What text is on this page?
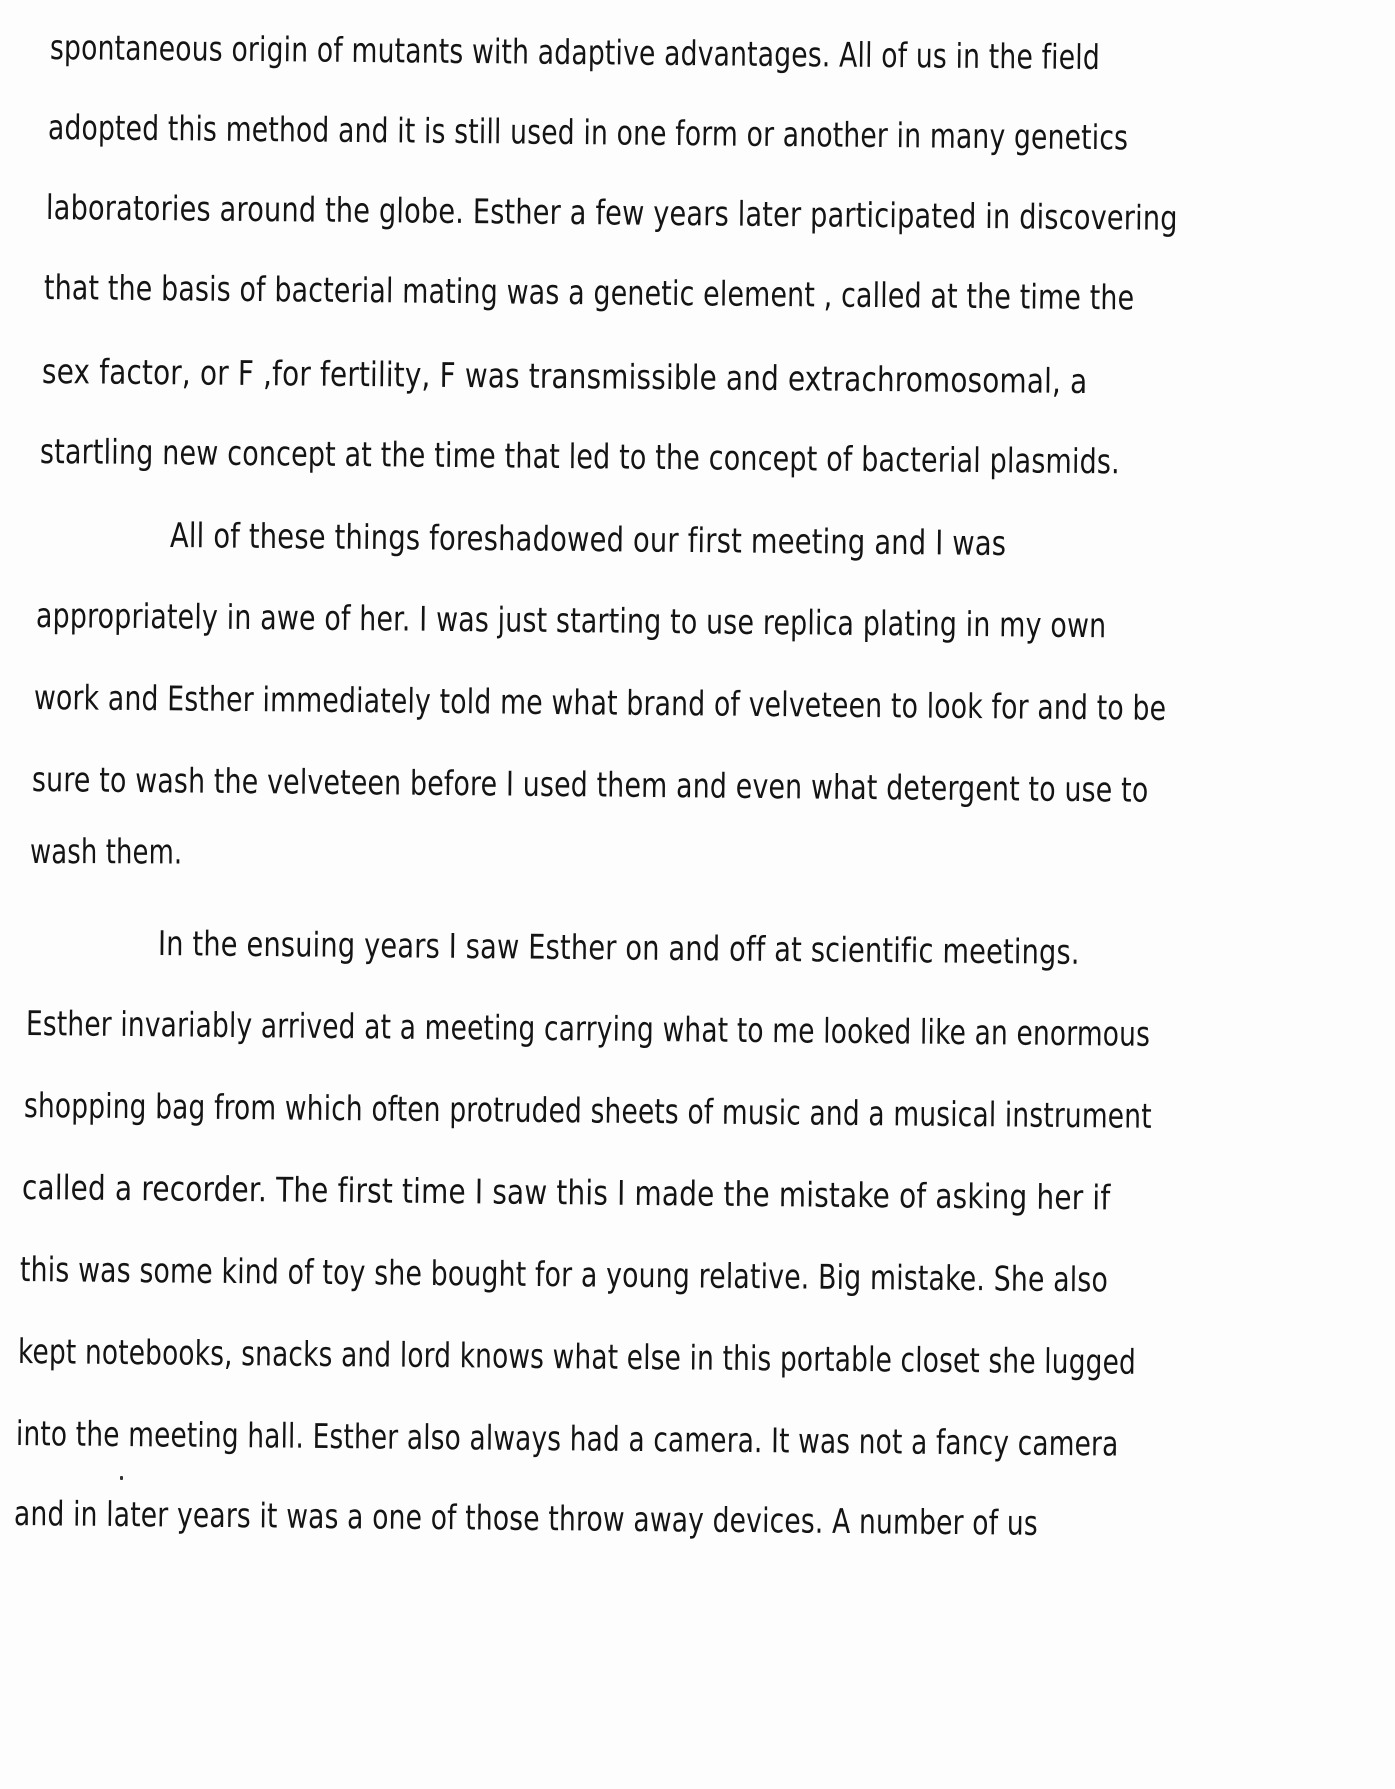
spontaneous origin of mutants with adaptive advantages. All of us in the field
adopted this method and it is still used in one form or another in many genetics
laboratories around the globe. Esther a few years later participated in discovering
that the basis of bacterial mating was a genetic element , called at the time the
sex factor, or F ,for fertility, F was transmissible and extrachromosomal, a
startling new concept at the time that led to the concept of bacterial plasmids.
All of these things foreshadowed our first meeting and I was
appropriately in awe of her. I was just starting to use replica plating in my own
work and Esther immediately told me what brand of velveteen to look for and to be
sure to wash the velveteen before I used them and even what detergent to use to
wash them.
In the ensuing years I saw Esther on and off at scientific meetings.
Esther invariably arrived at a meeting carrying what to me looked like an enormous
shopping bag from which often protruded sheets of music and a musical instrument
called a recorder. The first time I saw this I made the mistake of asking her if
this was some kind of toy she bought for a young relative. Big mistake. She also
kept notebooks, snacks and lord knows what else in this portable closet she lugged
into the meeting hall. Esther also always had a camera. It was not a fancy camera
and in later years it was a one of those throw away devices. A number of us
